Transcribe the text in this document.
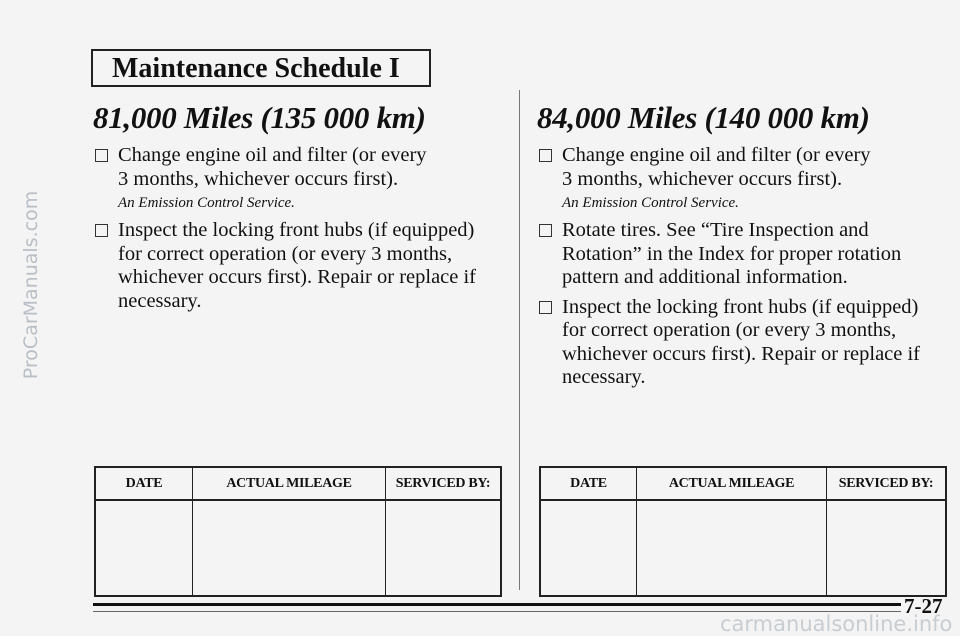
Maintenance Schedule I
81,000 Miles (135 000 km)
Change engine oil and filter (or every
3 months, whichever occurs first).
An Emission Control Service.
Inspect the locking front hubs (if equipped)
for correct operation (or every 3 months,
whichever occurs first). Repair or replace if
necessary.
84,000 Miles (140 000 km)
Change engine oil and filter (or every
3 months, whichever occurs first).
An Emission Control Service.
Rotate tires. See “Tire Inspection and
Rotation” in the Index for proper rotation
pattern and additional information.
Inspect the locking front hubs (if equipped)
for correct operation (or every 3 months,
whichever occurs first). Repair or replace if
necessary.
DATE	ACTUAL MILEAGE	SERVICED BY:
			DATE	ACTUAL MILEAGE	SERVICED BY:

7-27
ProCarManuals.com
carmanualsonline.info
